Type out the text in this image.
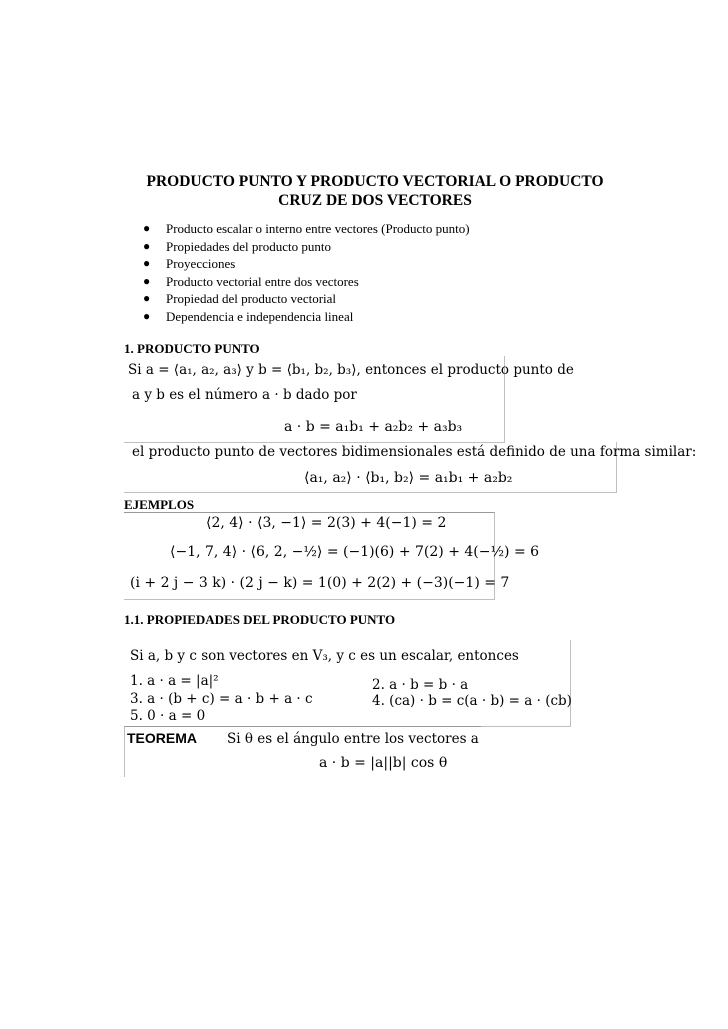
PRODUCTO PUNTO Y PRODUCTO VECTORIAL O PRODUCTO
CRUZ DE DOS VECTORES
● Producto escalar o interno entre vectores (Producto punto)
● Propiedades del producto punto
● Proyecciones
● Producto vectorial entre dos vectores
● Propiedad del producto vectorial
● Dependencia e independencia lineal
1. PRODUCTO PUNTO
Si a = ⟨a₁, a₂, a₃⟩ y b = ⟨b₁, b₂, b₃⟩, entonces el producto punto de
a y b es el número a · b dado por
a · b = a₁b₁ + a₂b₂ + a₃b₃
el producto punto de vectores bidimensionales está definido de una forma similar:
⟨a₁, a₂⟩ · ⟨b₁, b₂⟩ = a₁b₁ + a₂b₂
EJEMPLOS
⟨2, 4⟩ · ⟨3, −1⟩ = 2(3) + 4(−1) = 2
⟨−1, 7, 4⟩ · ⟨6, 2, −½⟩ = (−1)(6) + 7(2) + 4(−½) = 6
(i + 2 j − 3 k) · (2 j − k) = 1(0) + 2(2) + (−3)(−1) = 7
1.1. PROPIEDADES DEL PRODUCTO PUNTO
Si a, b y c son vectores en V₃, y c es un escalar, entonces
1. a · a = |a|²	2. a · b = b · a
3. a · (b + c) = a · b + a · c	4. (ca) · b = c(a · b) = a · (cb)
5. 0 · a = 0
TEOREMA Si θ es el ángulo entre los vectores a
a · b = |a||b| cos θ
